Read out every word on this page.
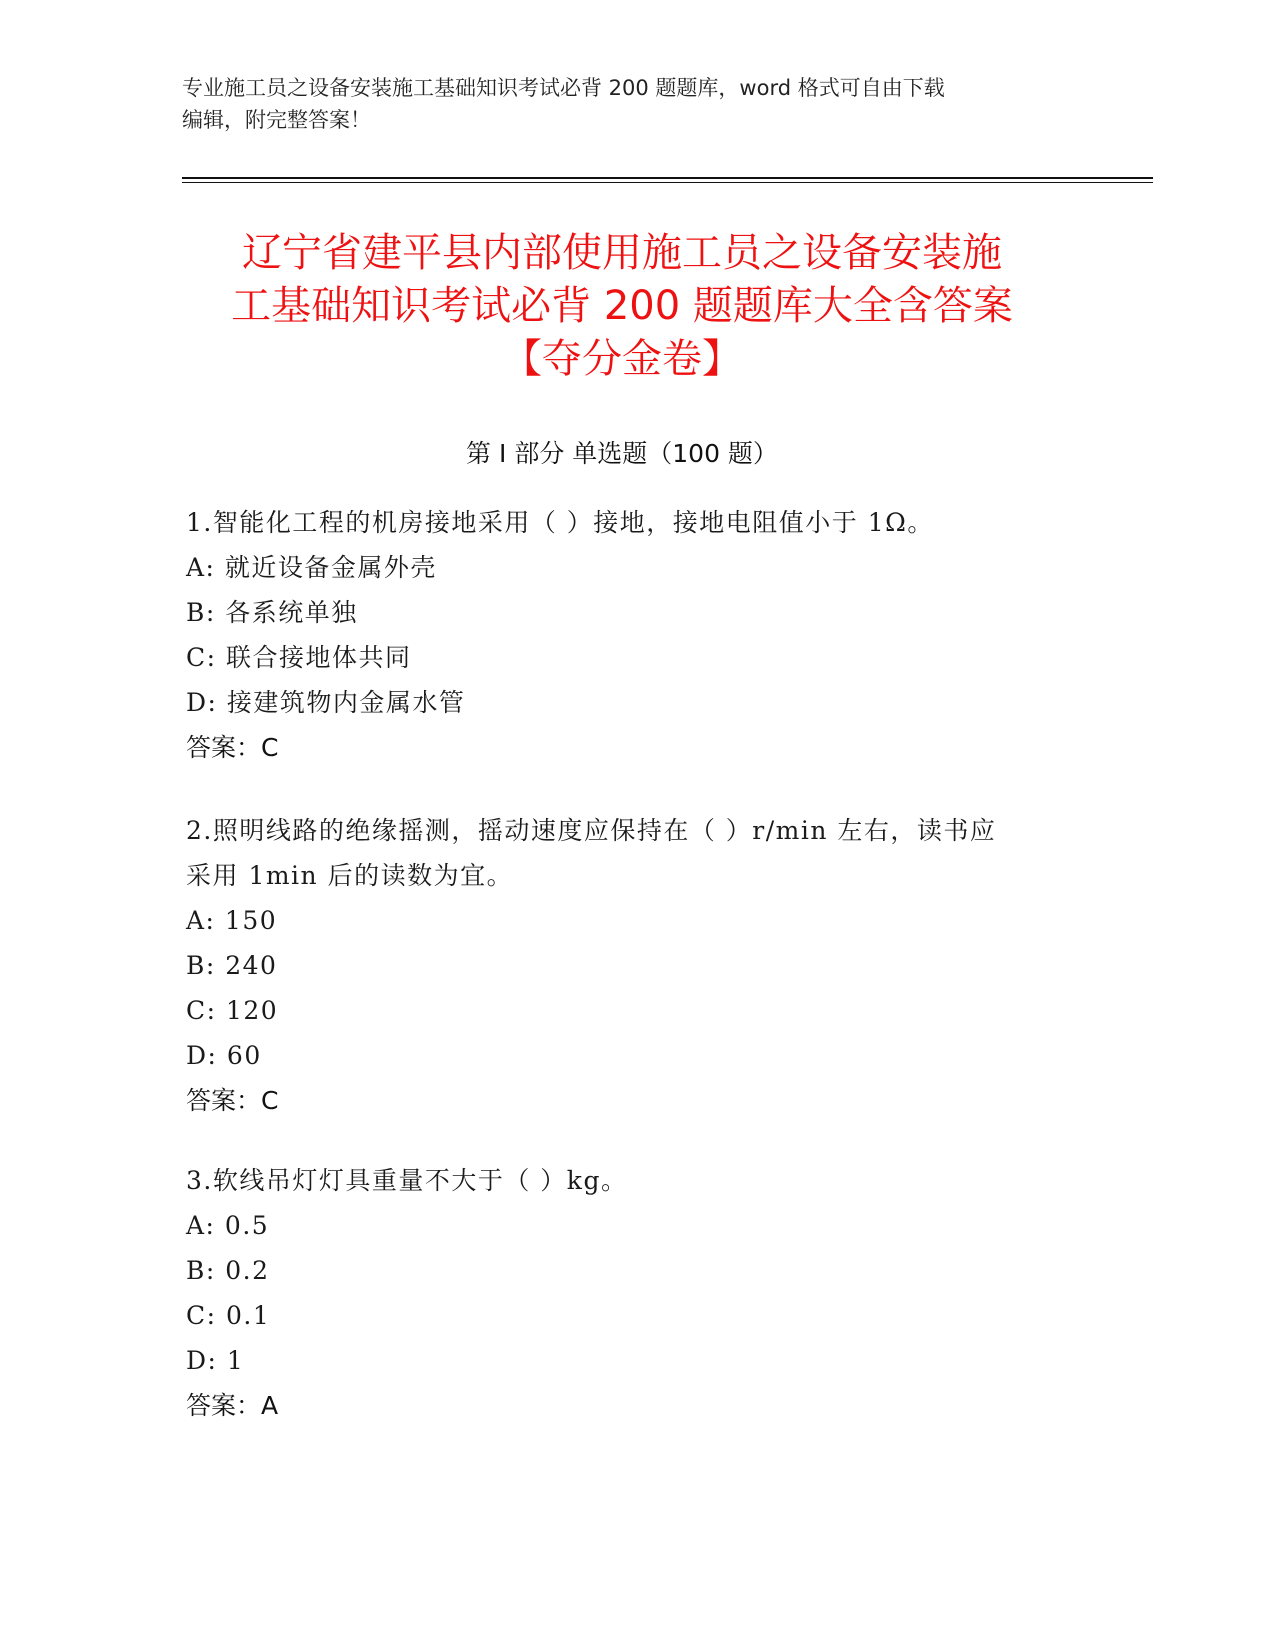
专业施工员之设备安装施工基础知识考试必背 200 题题库，word 格式可自由下载
编辑，附完整答案！
辽宁省建平县内部使用施工员之设备安装施
工基础知识考试必背 200 题题库大全含答案
【夺分金卷】
第 I 部分 单选题（100 题）
1.智能化工程的机房接地采用（ ）接地，接地电阻值小于 1Ω。
A: 就近设备金属外壳
B: 各系统单独
C: 联合接地体共同
D: 接建筑物内金属水管
答案：C
2.照明线路的绝缘摇测，摇动速度应保持在（ ）r/min 左右，读书应
采用 1min 后的读数为宜。
A: 150
B: 240
C: 120
D: 60
答案：C
3.软线吊灯灯具重量不大于（ ）kg。
A: 0.5
B: 0.2
C: 0.1
D: 1
答案：A
